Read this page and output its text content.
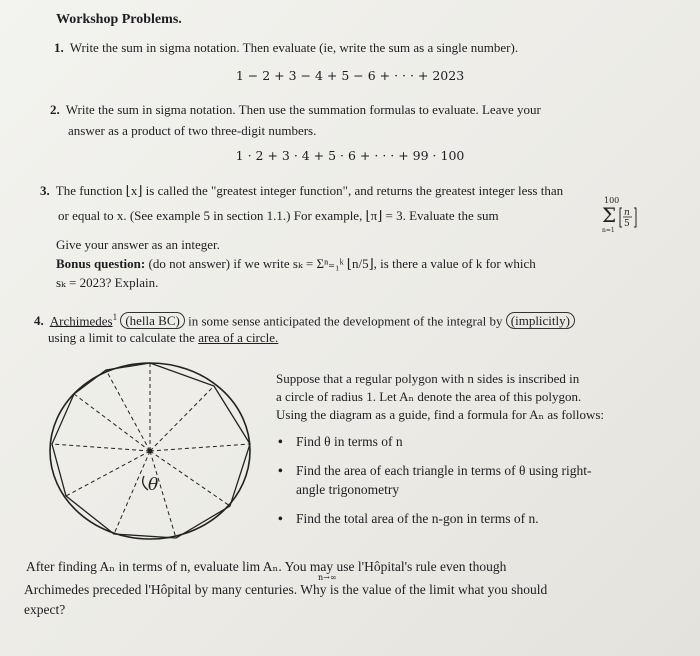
Workshop Problems.
1. Write the sum in sigma notation. Then evaluate (ie, write the sum as a single number).
1 − 2 + 3 − 4 + 5 − 6 + · · · + 2023
2. Write the sum in sigma notation. Then use the summation formulas to evaluate. Leave your
answer as a product of two three-digit numbers.
1 · 2 + 3 · 4 + 5 · 6 + · · · + 99 · 100
3. The function ⌊x⌋ is called the "greatest integer function", and returns the greatest integer less than
or equal to x. (See example 5 in section 1.1.) For example, ⌊π⌋ = 3. Evaluate the sum
100
Σ
n=1
n
5
Give your answer as an integer.
Bonus question: (do not answer) if we write sₖ = Σⁿ₌₁ᵏ ⌊n/5⌋, is there a value of k for which
sₖ = 2023? Explain.
4. Archimedes$^1$ (hella BC) in some sense anticipated the development of the integral by (implicitly)
using a limit to calculate the area of a circle.
θ
Suppose that a regular polygon with n sides is inscribed in
a circle of radius 1. Let Aₙ denote the area of this polygon.
Using the diagram as a guide, find a formula for Aₙ as follows:
• Find θ in terms of n
• Find the area of each triangle in terms of θ using right-
angle trigonometry
• Find the total area of the n-gon in terms of n.
After finding Aₙ in terms of n, evaluate lim Aₙ. You may use l'Hôpital's rule even though
n→∞
Archimedes preceded l'Hôpital by many centuries. Why is the value of the limit what you should
expect?
